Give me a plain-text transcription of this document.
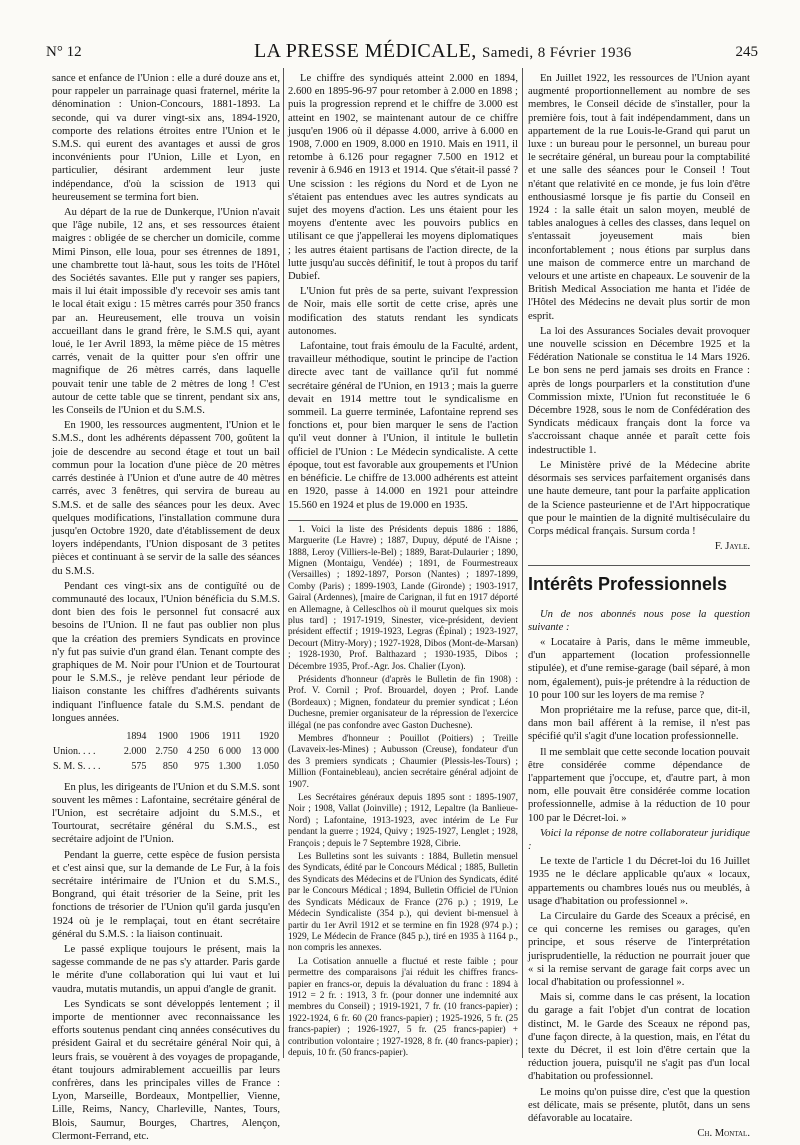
N° 12	LA PRESSE MÉDICALE, Samedi, 8 Février 1936	245

sance et enfance de l'Union : elle a duré douze ans et, pour rappeler un parrainage quasi fraternel, mérite la dénomination : Union-Concours, 1881-1893. La seconde, qui va durer vingt-six ans, 1894-1920, comporte des relations étroites entre l'Union et le S.M.S. qui eurent des avantages et aussi de gros inconvénients pour l'Union, Lille et Lyon, en particulier, désirant ardemment leur juste indépendance, d'où la scission de 1913 qui heureusement se termina fort bien.

Au départ de la rue de Dunkerque, l'Union n'avait que l'âge nubile, 12 ans, et ses ressources étaient maigres : obligée de se chercher un domicile, comme Mimi Pinson, elle loua, pour ses étrennes de 1891, une chambrette tout là-haut, sous les toits de l'Hôtel des Sociétés savantes. Elle put y ranger ses papiers, mais il lui était impossible d'y recevoir ses amis tant le local était exigu : 15 mètres carrés pour 350 francs par an. Heureusement, elle trouva un voisin accueillant dans le grand frère, le S.M.S qui, ayant loué, le 1er Avril 1893, la même pièce de 15 mètres carrés, venait de la quitter pour s'en offrir une magnifique de 26 mètres carrés, dans laquelle pouvait tenir une table de 2 mètres de long ! C'est autour de cette table que se tinrent, pendant six ans, les Conseils de l'Union et du S.M.S.

En 1900, les ressources augmentent, l'Union et le S.M.S., dont les adhérents dépassent 700, goûtent la joie de descendre au second étage et tout un bail commun pour la location d'une pièce de 20 mètres carrés destinée à l'Union et d'une autre de 40 mètres carrés, avec 3 fenêtres, qui servira de bureau au S.M.S. et de salle des séances pour les deux. Avec quelques modifications, l'installation commune dura jusqu'en Octobre 1920, date d'établissement de deux loyers indépendants, l'Union disposant de 3 petites pièces et continuant à se servir de la salle des séances du S.M.S.

Pendant ces vingt-six ans de contiguïté ou de communauté des locaux, l'Union bénéficia du S.M.S. dont bien des fois le personnel fut consacré aux besoins de l'Union. Il ne faut pas oublier non plus que la création des premiers Syndicats en province n'y fut pas suivie d'un grand élan. Tenant compte des graphiques de M. Noir pour l'Union et de Tourtourat pour le S.M.S., je relève pendant leur période de liaison constante les chiffres d'adhérents suivants indiquant l'influence fatale du S.M.S. pendant de longues années.

	1894	1900	1906	1911	1920
Union. . . .	2.000	2.750	4 250	6 000	13 000
S. M. S. . . .	575	850	975	1.300	1.050

En plus, les dirigeants de l'Union et du S.M.S. sont souvent les mêmes : Lafontaine, secrétaire général de l'Union, est secrétaire adjoint du S.M.S., et Tourtourat, secrétaire général du S.M.S., est secrétaire adjoint de l'Union.

Pendant la guerre, cette espèce de fusion persista et c'est ainsi que, sur la demande de Le Fur, à la fois secrétaire intérimaire de l'Union et du S.M.S., Bongrand, qui était trésorier de la Seine, prit les fonctions de trésorier de l'Union qu'il garda jusqu'en 1924 où je le remplaçai, tout en étant secrétaire général du S.M.S. : la liaison continuait.

Le passé explique toujours le présent, mais la sagesse commande de ne pas s'y attarder. Paris garde le mérite d'une collaboration qui lui vaut et lui vaudra, mutatis mutandis, un appui d'angle de granit.

Les Syndicats se sont développés lentement ; il importe de mentionner avec reconnaissance les efforts soutenus pendant cinq années consécutives du président Gairal et du secrétaire général Noir qui, à leurs frais, se vouèrent à des voyages de propagande, étant toujours admirablement accueillis par leurs confrères, dans les principales villes de France : Lyon, Marseille, Bordeaux, Montpellier, Vienne, Lille, Reims, Nancy, Charleville, Nantes, Tours, Blois, Saumur, Bourges, Chartres, Alençon, Clermont-Ferrand, etc.

Le chiffre des syndiqués atteint 2.000 en 1894, 2.600 en 1895-96-97 pour retomber à 2.000 en 1898 ; puis la progression reprend et le chiffre de 3.000 est atteint en 1902, se maintenant autour de ce chiffre jusqu'en 1906 où il dépasse 4.000, arrive à 6.000 en 1908, 7.000 en 1909, 8.000 en 1910. Mais en 1911, il retombe à 6.126 pour regagner 7.500 en 1912 et revenir à 6.946 en 1913 et 1914. Que s'était-il passé ? Une scission : les régions du Nord et de Lyon ne s'étaient pas entendues avec les autres syndicats au sujet des moyens d'action. Les uns étaient pour les moyens d'entente avec les pouvoirs publics en utilisant ce que j'appellerai les moyens diplomatiques ; les autres étaient partisans de l'action directe, de la lutte jusqu'au succès définitif, le tout à propos du tarif Dubief.

L'Union fut près de sa perte, suivant l'expression de Noir, mais elle sortit de cette crise, après une modification des statuts rendant les syndicats autonomes.

Lafontaine, tout frais émoulu de la Faculté, ardent, travailleur méthodique, soutint le principe de l'action directe avec tant de vaillance qu'il fut nommé secrétaire général de l'Union, en 1913 ; mais la guerre devait en 1914 mettre tout le syndicalisme en sommeil. La guerre terminée, Lafontaine reprend ses fonctions et, pour bien marquer le sens de l'action qu'il veut donner à l'Union, il intitule le bulletin officiel de l'Union : Le Médecin syndicaliste. A cette époque, tout est favorable aux groupements et l'Union en bénéficie. Le chiffre de 13.000 adhérents est atteint en 1920, passe à 14.000 en 1921 pour atteindre 15.560 en 1924 et plus de 19.000 en 1935.

1. Voici la liste des Présidents depuis 1886 : 1886, Marguerite (Le Havre) ; 1887, Dupuy, député de l'Aisne ; 1888, Leroy (Villiers-le-Bel) ; 1889, Barat-Dulaurier ; 1890, Mignen (Montaigu, Vendée) ; 1891, de Fourmestreaux (Versailles) ; 1892-1897, Porson (Nantes) ; 1897-1899, Comby (Paris) ; 1899-1903, Lande (Gironde) ; 1903-1917, Gairal (Ardennes), [maire de Carignan, il fut en 1917 déporté en Allemagne, à Cellesclhos où il mourut quelques six mois plus tard] ; 1917-1919, Sinester, vice-président, devient président effectif ; 1919-1923, Legras (Épinal) ; 1923-1927, Decourt (Mitry-Mory) ; 1927-1928, Dibos (Mont-de-Marsan) ; 1928-1930, Prof. Balthazard ; 1930-1935, Dibos ; Décembre 1935, Prof.-Agr. Jos. Chalier (Lyon).

Présidents d'honneur (d'après le Bulletin de fin 1908) : Prof. V. Cornil ; Prof. Brouardel, doyen ; Prof. Lande (Bordeaux) ; Mignen, fondateur du premier syndicat ; Léon Duchesne, premier organisateur de la répression de l'exercice illégal (ne pas confondre avec Gaston Duchesne).

Membres d'honneur : Pouillot (Poitiers) ; Treille (Lavaveix-les-Mines) ; Aubusson (Creuse), fondateur d'un des 3 premiers syndicats ; Chaumier (Plessis-les-Tours) ; Million (Fontainebleau), ancien secrétaire général adjoint de 1907.

Les Secrétaires généraux depuis 1895 sont : 1895-1907, Noir ; 1908, Vallat (Joinville) ; 1912, Lepaltre (la Banlieue-Nord) ; Lafontaine, 1913-1923, avec intérim de Le Fur pendant la guerre ; 1924, Quivy ; 1925-1927, Lenglet ; 1928, François ; depuis le 7 Septembre 1928, Cibrie.

Les Bulletins sont les suivants : 1884, Bulletin mensuel des Syndicats, édité par le Concours Médical ; 1885, Bulletin des Syndicats des Médecins et de l'Union des Syndicats, édité par le Concours Médical ; 1894, Bulletin Officiel de l'Union des Syndicats Médicaux de France (276 p.) ; 1919, Le Médecin Syndicaliste (354 p.), qui devient bi-mensuel à partir du 1er Avril 1912 et se termine en fin 1928 (974 p.) ; 1929, Le Médecin de France (845 p.), tiré en 1935 à 1164 p., non compris les annexes.

La Cotisation annuelle a fluctué et reste faible ; pour permettre des comparaisons j'ai réduit les chiffres francs-papier en francs-or, depuis la dévaluation du franc : 1894 à 1912 = 2 fr. : 1913, 3 fr. (pour donner une indemnité aux membres du Conseil) ; 1919-1921, 7 fr. (10 francs-papier) ; 1922-1924, 6 fr. 60 (20 francs-papier) ; 1925-1926, 5 fr. (25 francs-papier) ; 1926-1927, 5 fr. (25 francs-papier) + contribution volontaire ; 1927-1928, 8 fr. (40 francs-papier) ; depuis, 10 fr. (50 francs-papier).

En Juillet 1922, les ressources de l'Union ayant augmenté proportionnellement au nombre de ses membres, le Conseil décide de s'installer, pour la première fois, tout à fait indépendamment, dans un appartement de la rue Louis-le-Grand qui parut un luxe : un bureau pour le personnel, un bureau pour le secrétaire général, un bureau pour la comptabilité et une salle des séances pour le Conseil ! Tout n'étant que relativité en ce monde, je fus loin d'être enthousiasmé lorsque je fis partie du Conseil en 1924 : la salle était un salon moyen, meublé de tables analogues à celles des classes, dans lequel on s'entassait joyeusement mais bien inconfortablement ; nous étions par surplus dans une maison de commerce entre un marchand de velours et une artiste en chapeaux. Le souvenir de la British Medical Association me hanta et l'idée de l'Hôtel des Médecins ne devait plus sortir de mon esprit.

La loi des Assurances Sociales devait provoquer une nouvelle scission en Décembre 1925 et la Fédération Nationale se constitua le 14 Mars 1926. Le bon sens ne perd jamais ses droits en France : après de longs pourparlers et la constitution d'une Commission mixte, l'Union fut reconstituée le 6 Décembre 1928, sous le nom de Confédération des Syndicats médicaux français dont la force va s'accroissant chaque année et paraît cette fois indestructible 1.

Le Ministère privé de la Médecine abrite désormais ses services parfaitement organisés dans une haute demeure, tant pour la parfaite application de la Science pasteurienne et de l'Art hippocratique que pour le maintien de la dignité multiséculaire du Corps médical français. Sursum corda !

F. Jayle.

Intérêts Professionnels

Un de nos abonnés nous pose la question suivante :

« Locataire à Paris, dans le même immeuble, d'un appartement (location professionnelle stipulée), et d'une remise-garage (bail séparé, à mon nom, également), puis-je prétendre à la réduction de 10 pour 100 sur les loyers de ma remise ?

Mon propriétaire me la refuse, parce que, dit-il, dans mon bail afférent à la remise, il n'est pas spécifié qu'il s'agit d'une location professionnelle.

Il me semblait que cette seconde location pouvait être considérée comme dépendance de l'appartement que j'occupe, et, d'autre part, à mon nom, elle pouvait être considérée comme location professionnelle, admise à la réduction de 10 pour 100 par le Décret-loi. »

Voici la réponse de notre collaborateur juridique :

Le texte de l'article 1 du Décret-loi du 16 Juillet 1935 ne le déclare applicable qu'aux « locaux, appartements ou chambres loués nus ou meublés, à usage d'habitation ou professionnel ».

La Circulaire du Garde des Sceaux a précisé, en ce qui concerne les remises ou garages, qu'en principe, et sous réserve de l'interprétation jurisprudentielle, la réduction ne pourrait jouer que « si la remise servant de garage fait corps avec un local d'habitation ou professionnel ».

Mais si, comme dans le cas présent, la location du garage a fait l'objet d'un contrat de location distinct, M. le Garde des Sceaux ne répond pas, d'une façon directe, à la question, mais, en l'état du texte du Décret, il est loin d'être certain que la réduction jouera, puisqu'il ne s'agit pas d'un local d'habitation ou professionnel.

Le moins qu'on puisse dire, c'est que la question est délicate, mais se présente, plutôt, dans un sens défavorable au locataire.

Ch. Montal.
